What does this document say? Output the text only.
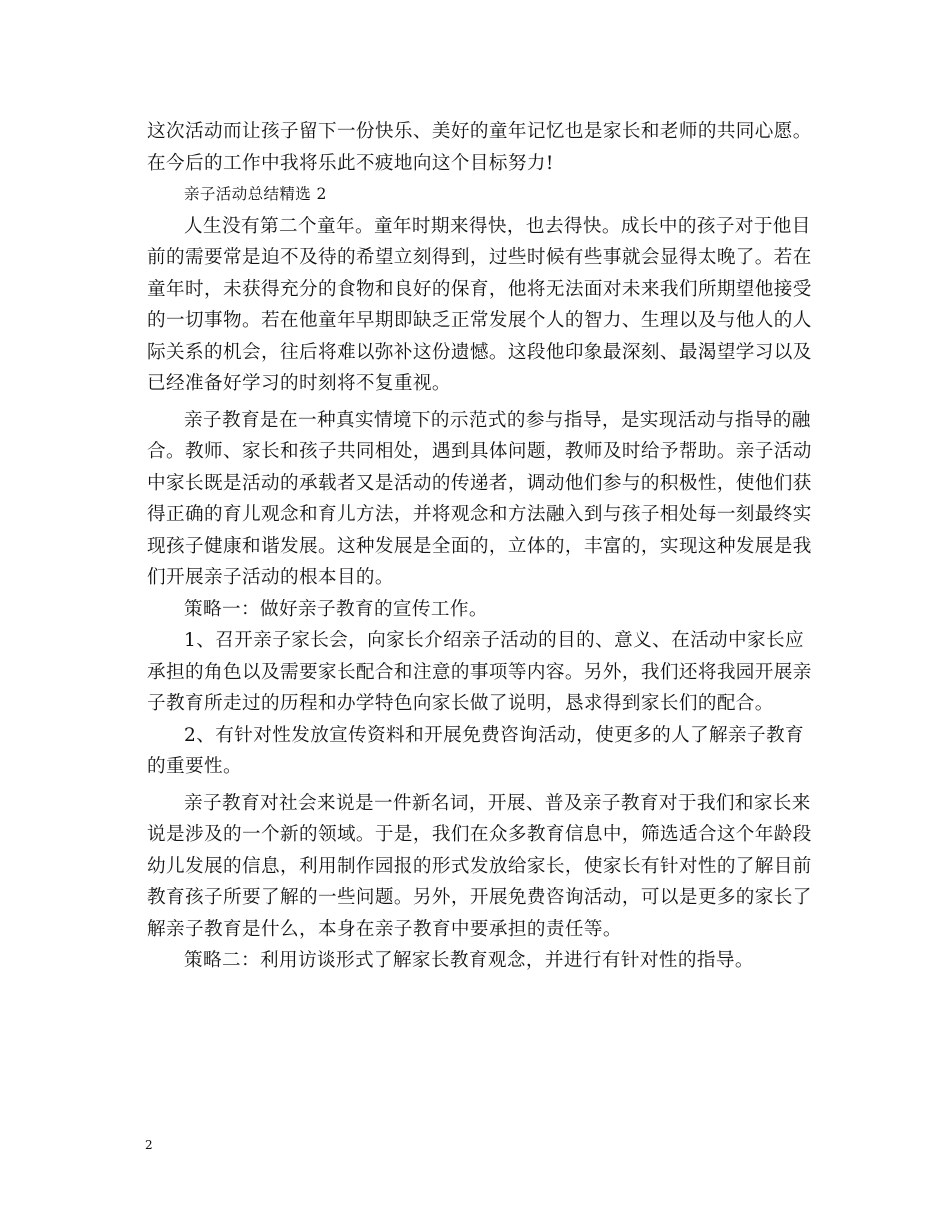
这次活动而让孩子留下一份快乐、美好的童年记忆也是家长和老师的共同心愿。
在今后的工作中我将乐此不疲地向这个目标努力!
亲子活动总结精选 2
人生没有第二个童年。童年时期来得快，也去得快。成长中的孩子对于他目
前的需要常是迫不及待的希望立刻得到，过些时候有些事就会显得太晚了。若在
童年时，未获得充分的食物和良好的保育，他将无法面对未来我们所期望他接受
的一切事物。若在他童年早期即缺乏正常发展个人的智力、生理以及与他人的人
际关系的机会，往后将难以弥补这份遗憾。这段他印象最深刻、最渴望学习以及
已经准备好学习的时刻将不复重视。
亲子教育是在一种真实情境下的示范式的参与指导，是实现活动与指导的融
合。教师、家长和孩子共同相处，遇到具体问题，教师及时给予帮助。亲子活动
中家长既是活动的承载者又是活动的传递者，调动他们参与的积极性，使他们获
得正确的育儿观念和育儿方法，并将观念和方法融入到与孩子相处每一刻最终实
现孩子健康和谐发展。这种发展是全面的，立体的，丰富的，实现这种发展是我
们开展亲子活动的根本目的。
策略一：做好亲子教育的宣传工作。
1、召开亲子家长会，向家长介绍亲子活动的目的、意义、在活动中家长应
承担的角色以及需要家长配合和注意的事项等内容。另外，我们还将我园开展亲
子教育所走过的历程和办学特色向家长做了说明，恳求得到家长们的配合。
2、有针对性发放宣传资料和开展免费咨询活动，使更多的人了解亲子教育
的重要性。
亲子教育对社会来说是一件新名词，开展、普及亲子教育对于我们和家长来
说是涉及的一个新的领域。于是，我们在众多教育信息中，筛选适合这个年龄段
幼儿发展的信息，利用制作园报的形式发放给家长，使家长有针对性的了解目前
教育孩子所要了解的一些问题。另外，开展免费咨询活动，可以是更多的家长了
解亲子教育是什么，本身在亲子教育中要承担的责任等。
策略二：利用访谈形式了解家长教育观念，并进行有针对性的指导。
2
